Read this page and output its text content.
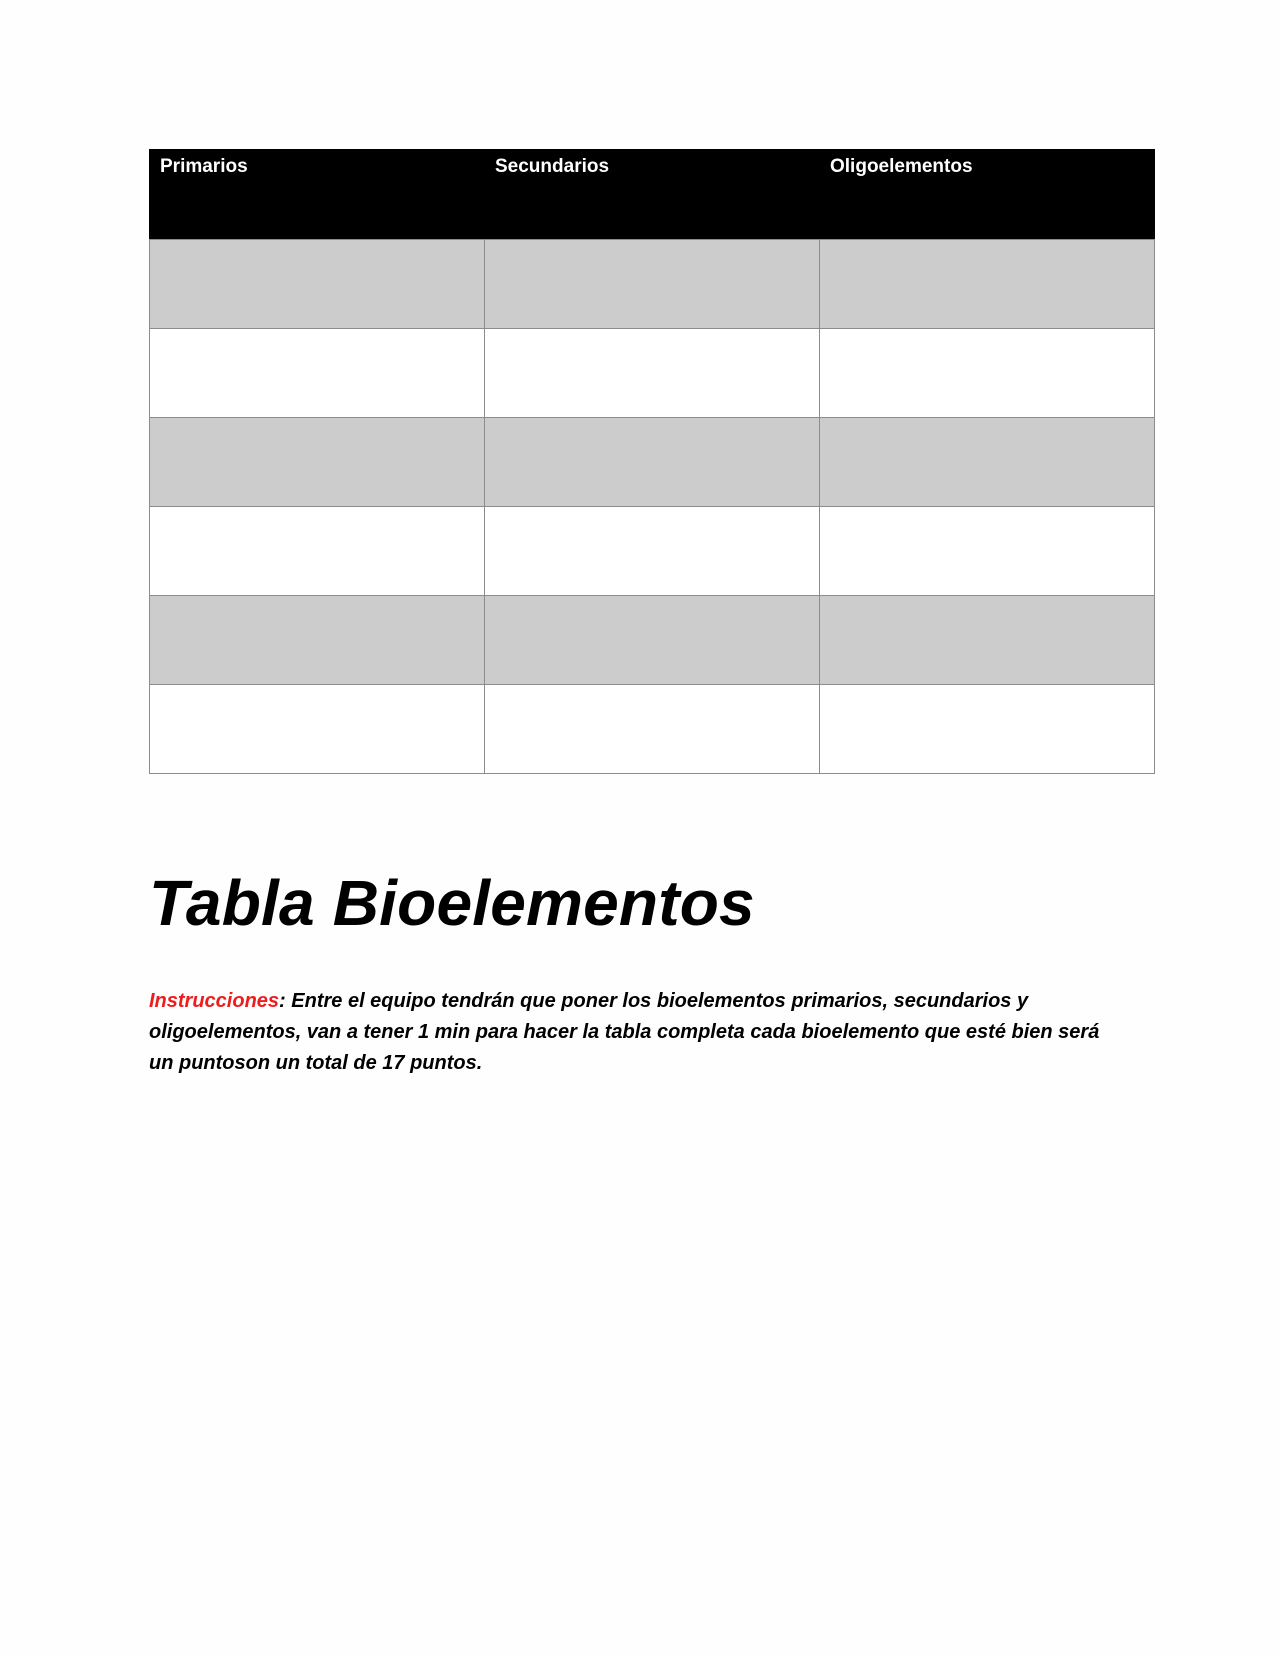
Primarios	Secundarios	Oligoelementos

Tabla Bioelementos

Instrucciones: Entre el equipo tendrán que poner los bioelementos primarios, secundarios y oligoelementos, van a tener 1 min para hacer la tabla completa cada bioelemento que esté bien será un puntoson un total de 17 puntos.
